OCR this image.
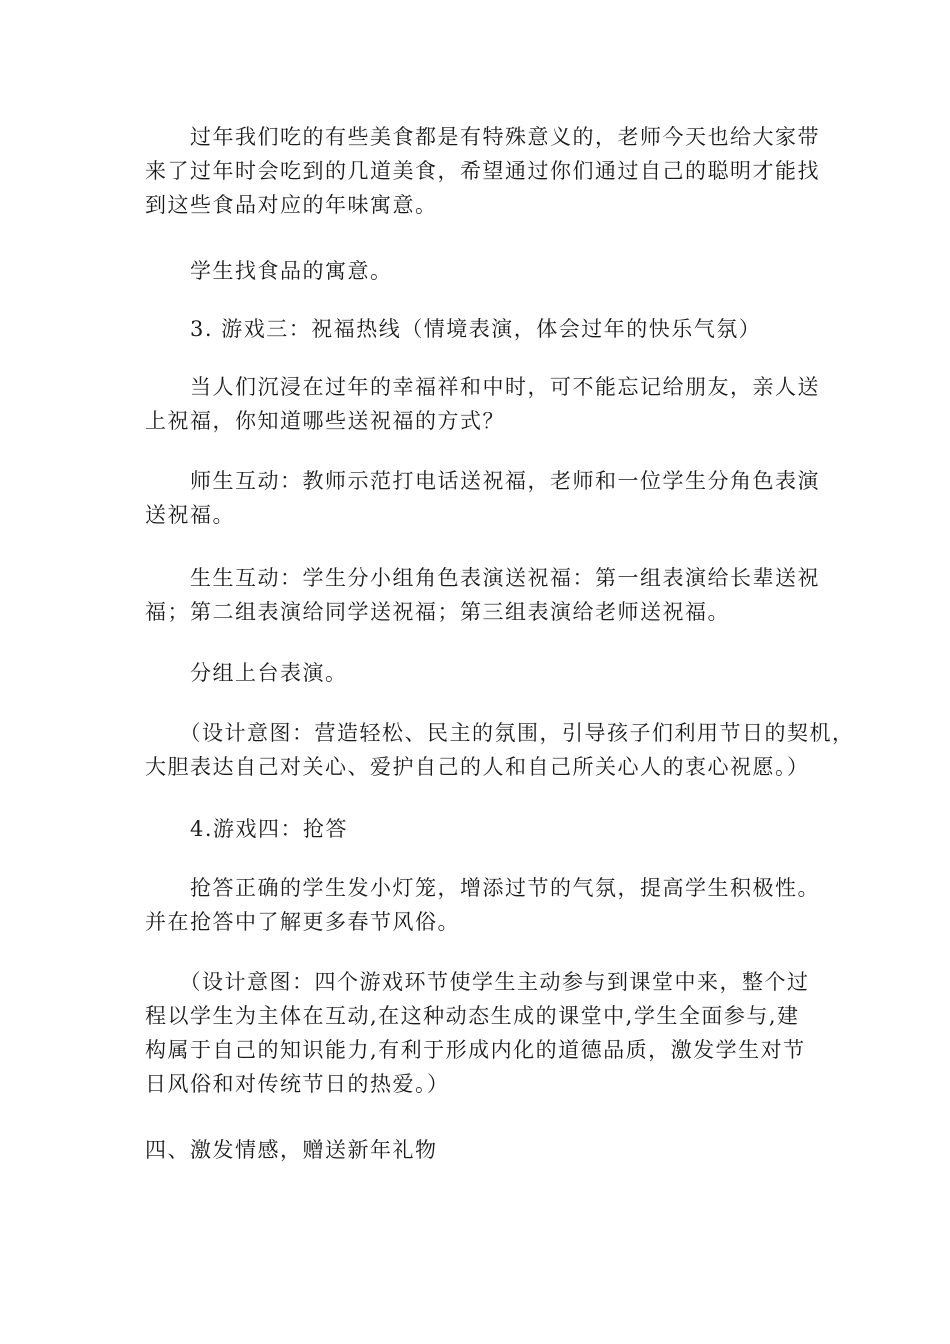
　　过年我们吃的有些美食都是有特殊意义的，老师今天也给大家带
来了过年时会吃到的几道美食，希望通过你们通过自己的聪明才能找
到这些食品对应的年味寓意。

　　学生找食品的寓意。

　　3. 游戏三：祝福热线（情境表演，体会过年的快乐气氛）

　　当人们沉浸在过年的幸福祥和中时，可不能忘记给朋友，亲人送
上祝福，你知道哪些送祝福的方式？

　　师生互动：教师示范打电话送祝福，老师和一位学生分角色表演
送祝福。

　　生生互动：学生分小组角色表演送祝福：第一组表演给长辈送祝
福；第二组表演给同学送祝福；第三组表演给老师送祝福。

　　分组上台表演。

　　（设计意图：营造轻松、民主的氛围，引导孩子们利用节日的契机，
大胆表达自己对关心、爱护自己的人和自己所关心人的衷心祝愿。）

　　4.游戏四：抢答

　　抢答正确的学生发小灯笼，增添过节的气氛，提高学生积极性。
并在抢答中了解更多春节风俗。

　　（设计意图：四个游戏环节使学生主动参与到课堂中来，整个过
程以学生为主体在互动,在这种动态生成的课堂中,学生全面参与,建
构属于自己的知识能力,有利于形成内化的道德品质，激发学生对节
日风俗和对传统节日的热爱。）

四、激发情感，赠送新年礼物
